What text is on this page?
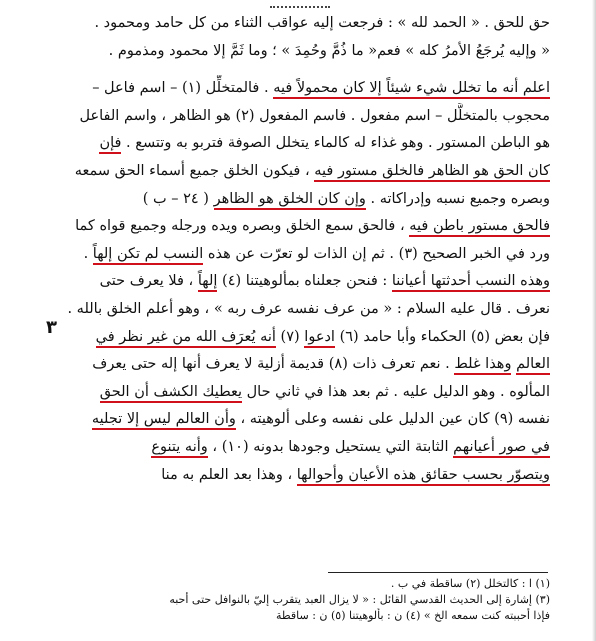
حق للحق . « الحمد لله » : فرجعت إليه عواقب الثناء من كل حامد ومحمود .
« وإليه يُرجَعُ الأمرُ كله » فعم« ما ذُمَّ وحُمِدَ » ؛ وما ثَمَّ إلا محمود ومذموم .
اعلم أنه ما تخلل شيء شيئاً إلا كان محمولاً فيه . فالمتخلِّل (١) – اسم فاعل –
محجوب بالمتخلَّل – اسم مفعول . فاسم المفعول (٢) هو الظاهر ، واسم الفاعل
هو الباطن المستور . وهو غذاء له كالماء يتخلل الصوفة فتربو به وتتسع . فإن
كان الحق هو الظاهر فالخلق مستور فيه ، فيكون الخلق جميع أسماء الحق سمعه
وبصره وجميع نسبه وإدراكاته . وإن كان الخلق هو الظاهر ( ٢٤ – ب )
فالحق مستور باطن فيه ، فالحق سمع الخلق وبصره ويده ورجله وجميع قواه كما
ورد في الخبر الصحيح (٣) . ثم إن الذات لو تعرّت عن هذه النسب لم تكن إلهاً .
وهذه النسب أحدثتها أعياننا : فنحن جعلناه بمألوهيتنا (٤) إلهاً ، فلا يعرف حتى
نعرف . قال عليه السلام : « من عرف نفسه عرف ربه » ، وهو أعلم الخلق بالله .
فإن بعض (٥) الحكماء وأبا حامد (٦) ادعوا (٧) أنه يُعرَف الله من غير نظر في
العالم وهذا غلط . نعم تعرف ذات (٨) قديمة أزلية لا يعرف أنها إله حتى يعرف
المألوه . وهو الدليل عليه . ثم بعد هذا في ثاني حال يعطيك الكشف أن الحق
نفسه (٩) كان عين الدليل على نفسه وعلى ألوهيته ، وأن العالم ليس إلا تجليه
في صور أعيانهم الثابتة التي يستحيل وجودها بدونه (١٠) ، وأنه يتنوع
ويتصوّر بحسب حقائق هذه الأعيان وأحوالها ، وهذا بعد العلم به منا
٣
(١) ا : كالتخلل (٢) ساقطة في ب .
(٣) إشارة إلى الحديث القدسي القائل : « لا يزال العبد يتقرب إليّ بالنوافل حتى أحبه
فإذا أحببته كنت سمعه الخ » (٤) ن : بألوهيتنا (٥) ن : ساقطة
